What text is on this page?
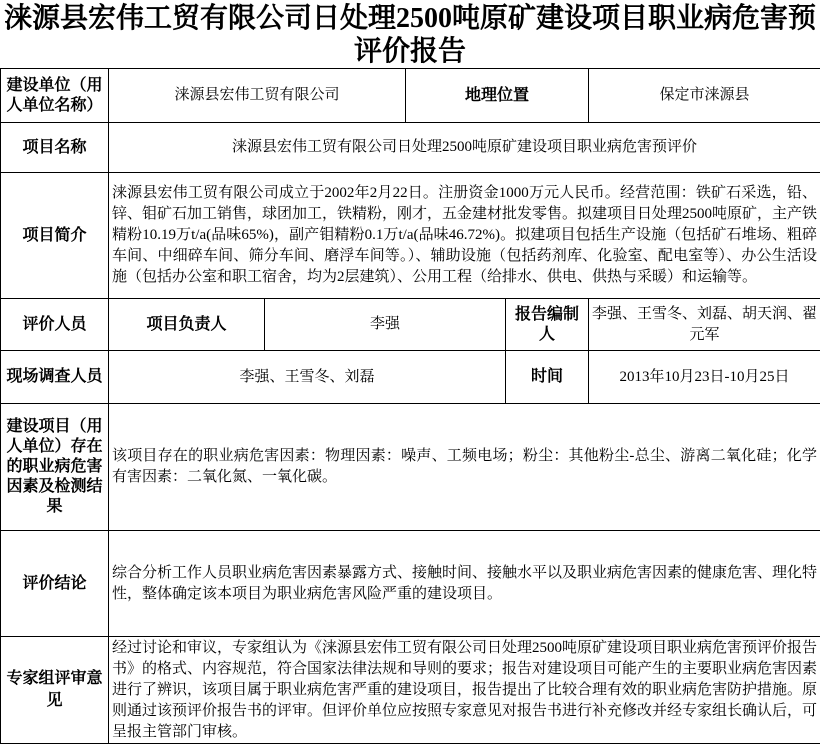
涞源县宏伟工贸有限公司日处理2500吨原矿建设项目职业病危害预评价报告
建设单位（用人单位名称）	涞源县宏伟工贸有限公司		地理位置		保定市涞源县
项目名称	涞源县宏伟工贸有限公司日处理2500吨原矿建设项目职业病危害预评价				
项目简介	涞源县宏伟工贸有限公司成立于2002年2月22日。注册资金1000万元人民币。经营范围：铁矿石采选，铅、锌、钼矿石加工销售，球团加工，铁精粉，刚才，五金建材批发零售。拟建项目日处理2500吨原矿，主产铁精粉10.19万t/a(品味65%)，副产钼精粉0.1万t/a(品味46.72%)。拟建项目包括生产设施（包括矿石堆场、粗碎车间、中细碎车间、筛分车间、磨浮车间等。）、辅助设施（包括药剂库、化验室、配电室等）、办公生活设施（包括办公室和职工宿舍，均为2层建筑）、公用工程（给排水、供电、供热与采暖）和运输等。				
评价人员	项目负责人	李强		报告编制人	李强、王雪冬、刘磊、胡天润、翟元军
现场调查人员	李强、王雪冬、刘磊			时间	2013年10月23日-10月25日
建设项目（用人单位）存在的职业病危害因素及检测结果	该项目存在的职业病危害因素：物理因素：噪声、工频电场；粉尘：其他粉尘-总尘、游离二氧化硅；化学有害因素：二氧化氮、一氧化碳。				
评价结论	综合分析工作人员职业病危害因素暴露方式、接触时间、接触水平以及职业病危害因素的健康危害、理化特性，整体确定该本项目为职业病危害风险严重的建设项目。				
专家组评审意见	经过讨论和审议，专家组认为《涞源县宏伟工贸有限公司日处理2500吨原矿建设项目职业病危害预评价报告书》的格式、内容规范，符合国家法律法规和导则的要求；报告对建设项目可能产生的主要职业病危害因素进行了辨识，该项目属于职业病危害严重的建设项目，报告提出了比较合理有效的职业病危害防护措施。原则通过该预评价报告书的评审。但评价单位应按照专家意见对报告书进行补充修改并经专家组长确认后，可呈报主管部门审核。				
